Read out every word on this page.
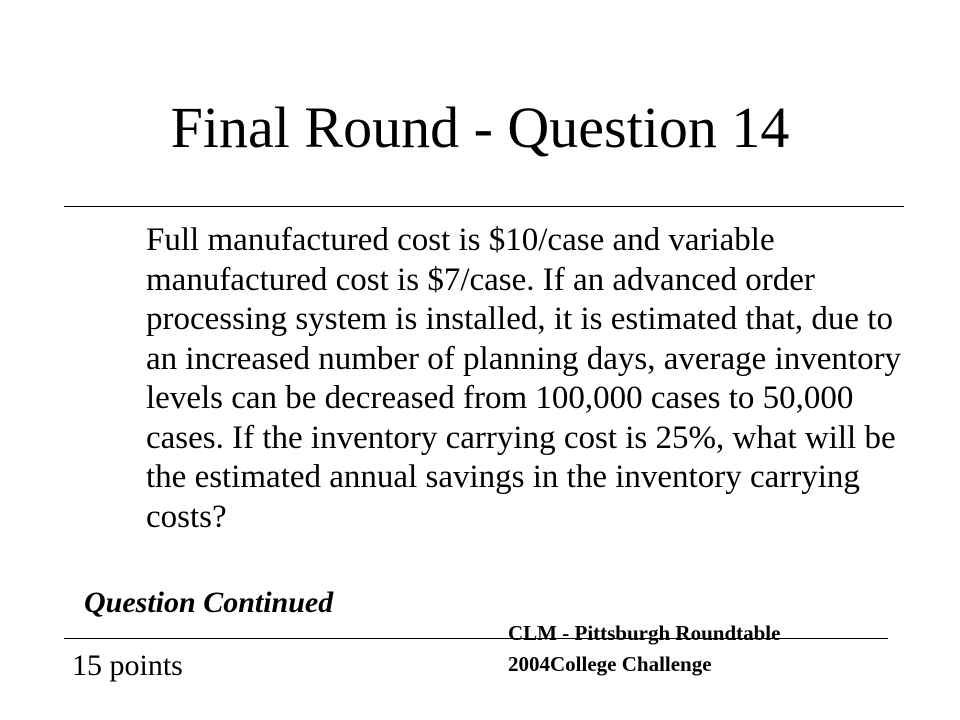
Final Round - Question 14

Full manufactured cost is $10/case and variable manufactured cost is $7/case. If an advanced order processing system is installed, it is estimated that, due to an increased number of planning days, average inventory levels can be decreased from 100,000 cases to 50,000 cases. If the inventory carrying cost is 25%, what will be the estimated annual savings in the inventory carrying costs?

Question Continued
15 points
CLM - Pittsburgh Roundtable
2004College Challenge
